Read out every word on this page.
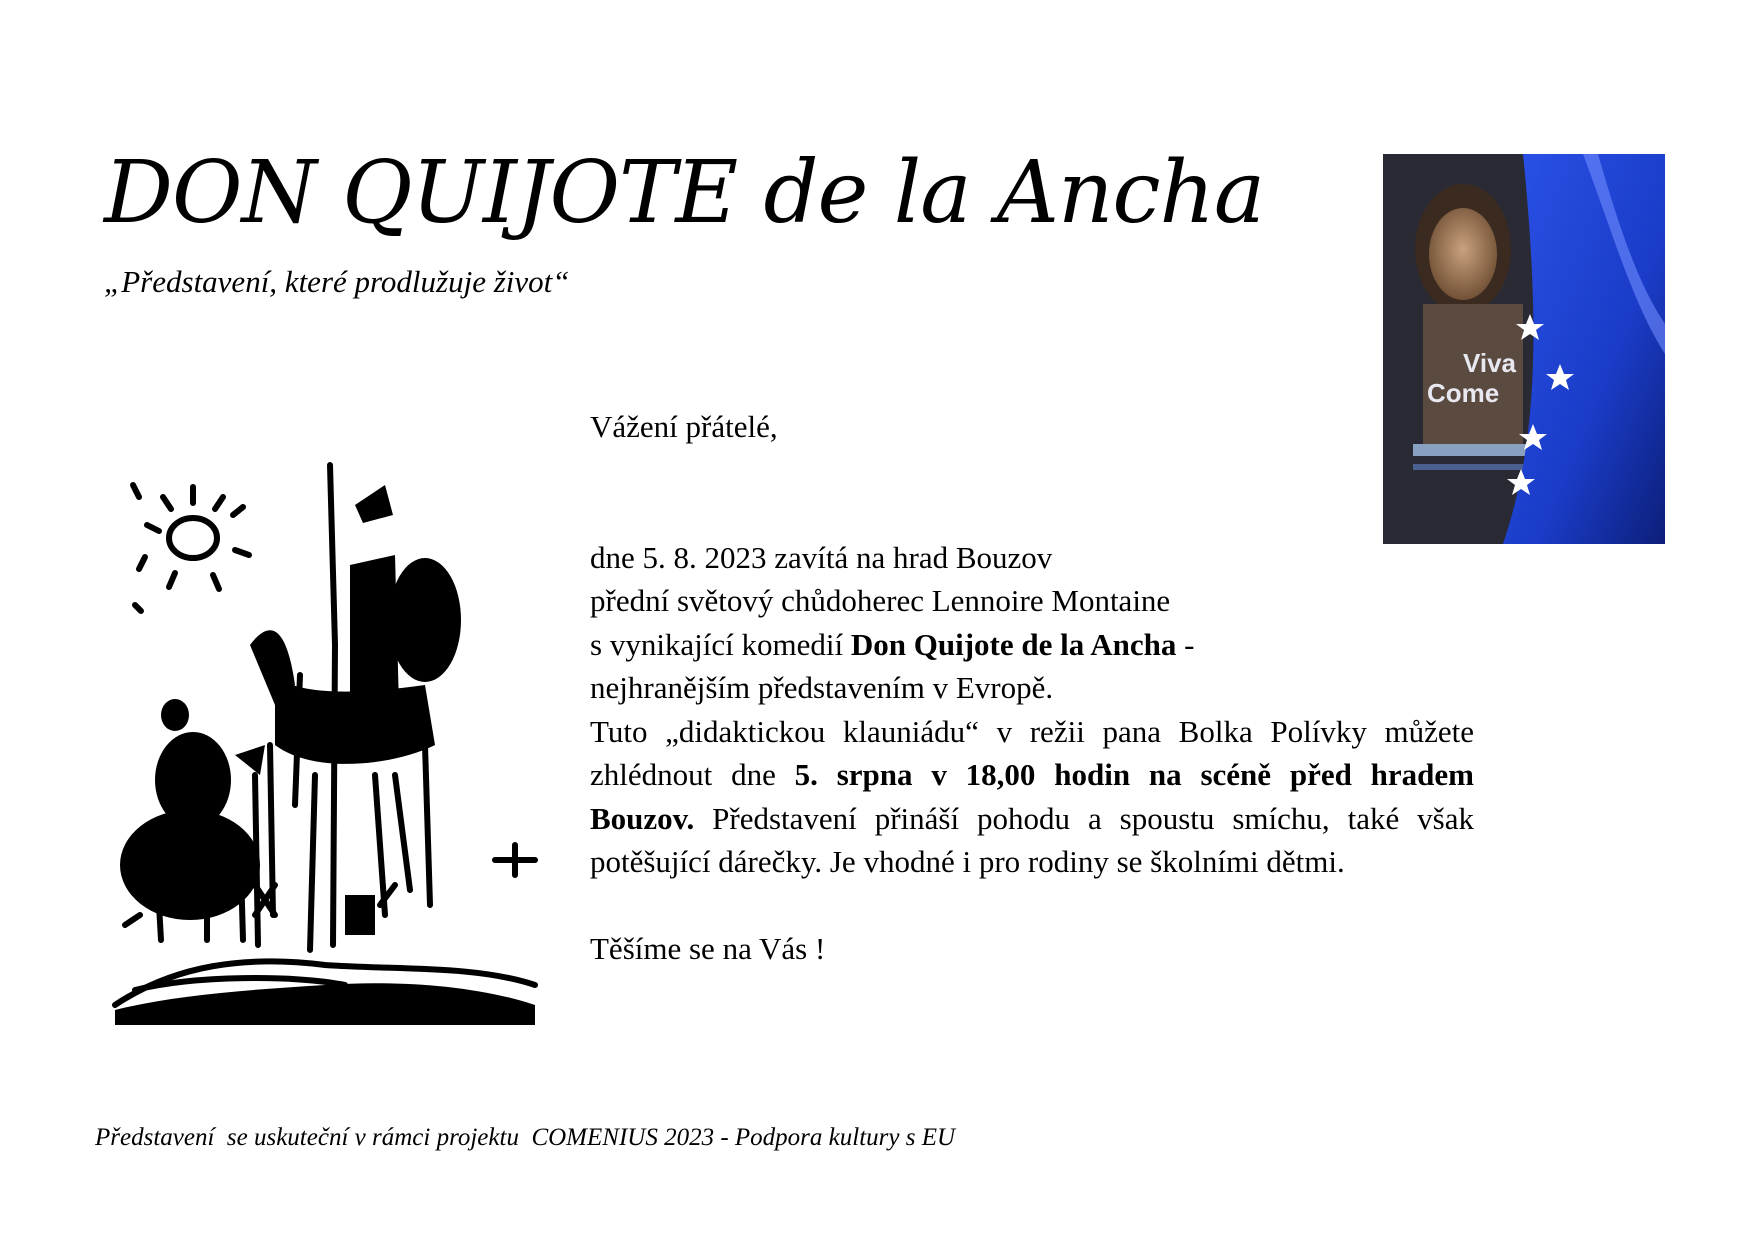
DON QUIJOTE de la Ancha
„Představení, které prodlužuje život“
Viva
Come

Vážení přátelé,

dne 5. 8. 2023 zavítá na hrad Bouzov

přední světový chůdoherec Lennoire Montaine

s vynikající komedií Don Quijote de la Ancha -

nejhranějším představením v Evropě.

Tuto „didaktickou klauniádu“ v režii pana Bolka Polívky můžete zhlédnout dne 5. srpna v 18,00 hodin na scéně před hradem Bouzov. Představení přináší pohodu a spoustu smíchu, také však potěšující dárečky. Je vhodné i pro rodiny se školními dětmi.

Těšíme se na Vás !

Představení  se uskuteční v rámci projektu  COMENIUS 2023 - Podpora kultury s EU
